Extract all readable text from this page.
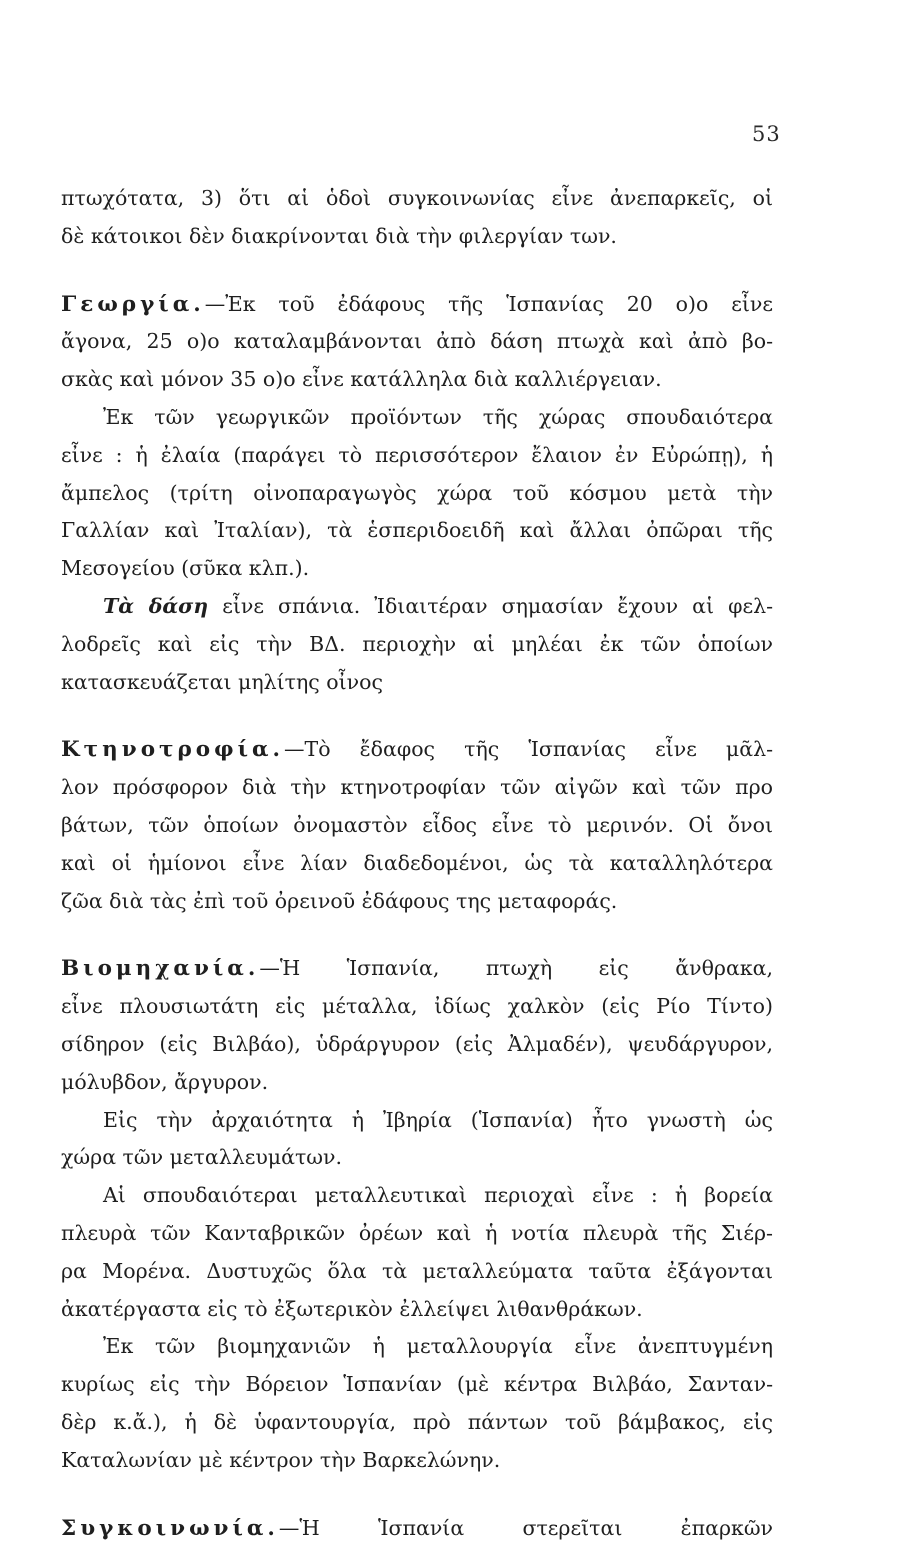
53
πτωχότατα, 3) ὅτι αἱ ὁδοὶ συγκοινωνίας εἶνε ἀνεπαρκεῖς, οἱ
δὲ κάτοικοι δὲν διακρίνονται διὰ τὴν φιλεργίαν των.
Γεωργία.—Ἐκ τοῦ ἐδάφους τῆς Ἱσπανίας 20 ο)ο εἶνε
ἄγονα, 25 ο)ο καταλαμβάνονται ἀπὸ δάση πτωχὰ καὶ ἀπὸ βο-
σκὰς καὶ μόνον 35 ο)ο εἶνε κατάλληλα διὰ καλλιέργειαν.
Ἐκ τῶν γεωργικῶν προϊόντων τῆς χώρας σπουδαιότερα
εἶνε : ἡ ἐλαία (παράγει τὸ περισσότερον ἔλαιον ἐν Εὐρώπῃ), ἡ
ἄμπελος (τρίτη οἰνοπαραγωγὸς χώρα τοῦ κόσμου μετὰ τὴν
Γαλλίαν καὶ Ἰταλίαν), τὰ ἑσπεριδοειδῆ καὶ ἄλλαι ὀπῶραι τῆς
Μεσογείου (σῦκα κλπ.).
Τὰ δάση εἶνε σπάνια. Ἰδιαιτέραν σημασίαν ἔχουν αἱ φελ-
λοδρεῖς καὶ εἰς τὴν ΒΔ. περιοχὴν αἱ μηλέαι ἐκ τῶν ὁποίων
κατασκευάζεται μηλίτης οἶνος
Κτηνοτροφία.—Τὸ ἔδαφος τῆς Ἱσπανίας εἶνε μᾶλ-
λον πρόσφορον διὰ τὴν κτηνοτροφίαν τῶν αἰγῶν καὶ τῶν προ
βάτων, τῶν ὁποίων ὀνομαστὸν εἶδος εἶνε τὸ μερινόν. Οἱ ὄνοι
καὶ οἱ ἡμίονοι εἶνε λίαν διαδεδομένοι, ὡς τὰ καταλληλότερα
ζῶα διὰ τὰς ἐπὶ τοῦ ὀρεινοῦ ἐδάφους της μεταφοράς.
Βιομηχανία.—Ἡ Ἱσπανία, πτωχὴ εἰς ἄνθρακα,
εἶνε πλουσιωτάτη εἰς μέταλλα, ἰδίως χαλκὸν (εἰς Ρίο Τίντο)
σίδηρον (εἰς Βιλβάο), ὑδράργυρον (εἰς Ἀλμαδέν), ψευδάργυρον,
μόλυβδον, ἄργυρον.
Εἰς τὴν ἀρχαιότητα ἡ Ἰβηρία (Ἱσπανία) ἦτο γνωστὴ ὡς
χώρα τῶν μεταλλευμάτων.
Αἱ σπουδαιότεραι μεταλλευτικαὶ περιοχαὶ εἶνε : ἡ βορεία
πλευρὰ τῶν Κανταβρικῶν ὀρέων καὶ ἡ νοτία πλευρὰ τῆς Σιέρ-
ρα Μορένα. Δυστυχῶς ὅλα τὰ μεταλλεύματα ταῦτα ἐξάγονται
ἀκατέργαστα εἰς τὸ ἐξωτερικὸν ἐλλείψει λιθανθράκων.
Ἐκ τῶν βιομηχανιῶν ἡ μεταλλουργία εἶνε ἀνεπτυγμένη
κυρίως εἰς τὴν Βόρειον Ἱσπανίαν (μὲ κέντρα Βιλβάο, Σανταν-
δὲρ κ.ἄ.), ἡ δὲ ὑφαντουργία, πρὸ πάντων τοῦ βάμβακος, εἰς
Καταλωνίαν μὲ κέντρον τὴν Βαρκελώνην.
Συγκοινωνία.—Ἡ Ἱσπανία στερεῖται ἐπαρκῶν
